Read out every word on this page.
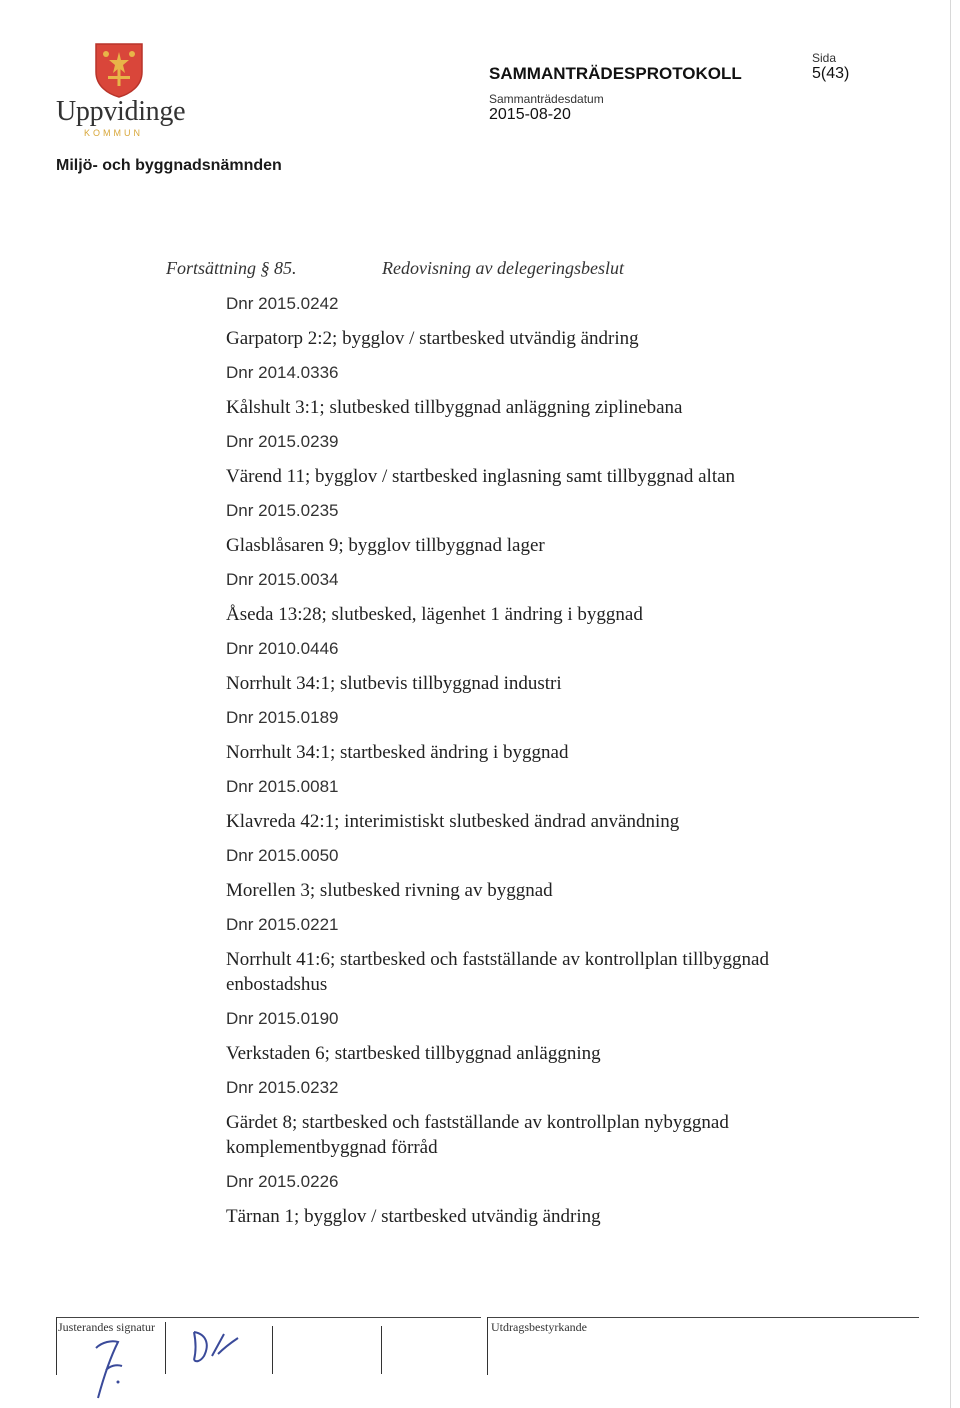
Uppvidinge
KOMMUN
Miljö- och byggnadsnämnden
SAMMANTRÄDESPROTOKOLL
Sammanträdesdatum
2015-08-20
Sida
5(43)
Fortsättning § 85.	Redovisning av delegeringsbeslut
Dnr 2015.0242
Garpatorp 2:2; bygglov / startbesked utvändig ändring
Dnr 2014.0336
Kålshult 3:1; slutbesked tillbyggnad anläggning ziplinebana
Dnr 2015.0239
Värend 11; bygglov / startbesked inglasning samt tillbyggnad altan
Dnr 2015.0235
Glasblåsaren 9; bygglov tillbyggnad lager
Dnr 2015.0034
Åseda 13:28; slutbesked, lägenhet 1 ändring i byggnad
Dnr 2010.0446
Norrhult 34:1; slutbevis tillbyggnad industri
Dnr 2015.0189
Norrhult 34:1; startbesked ändring i byggnad
Dnr 2015.0081
Klavreda 42:1; interimistiskt slutbesked ändrad användning
Dnr 2015.0050
Morellen 3; slutbesked rivning av byggnad
Dnr 2015.0221
Norrhult 41:6; startbesked och fastställande av kontrollplan tillbyggnad enbostadshus
Dnr 2015.0190
Verkstaden 6; startbesked tillbyggnad anläggning
Dnr 2015.0232
Gärdet 8; startbesked och fastställande av kontrollplan nybyggnad komplementbyggnad förråd
Dnr 2015.0226
Tärnan 1; bygglov / startbesked utvändig ändring
Justerandes signatur	Utdragsbestyrkande
